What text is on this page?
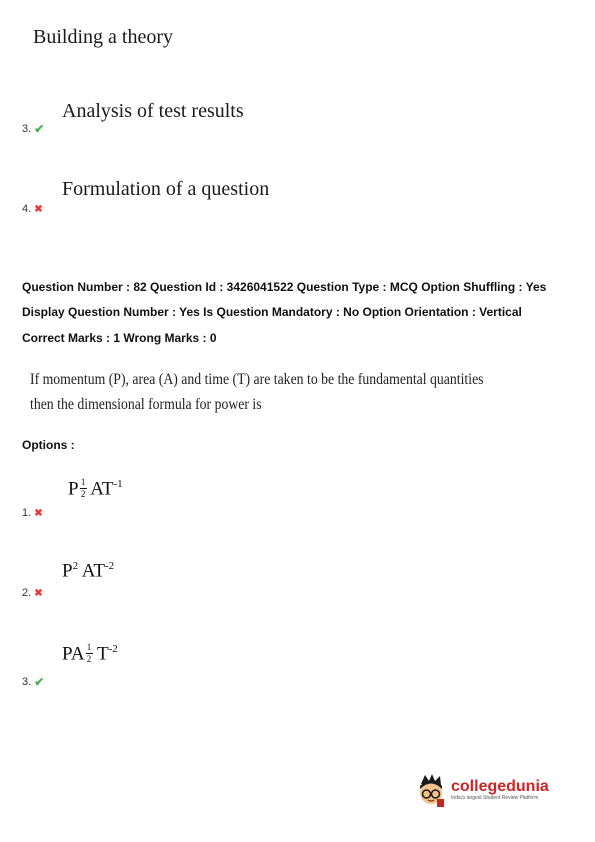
Building a theory
3. ✔
Analysis of test results
4. ✖
Formulation of a question
Question Number : 82 Question Id : 3426041522 Question Type : MCQ Option Shuffling : Yes
Display Question Number : Yes Is Question Mandatory : No Option Orientation : Vertical
Correct Marks : 1 Wrong Marks : 0
If momentum (P), area (A) and time (T) are taken to be the fundamental quantities
then the dimensional formula for power is
Options :
P $\frac{1}{2} AT^{-1}$
1. ✖
$P^2$ $AT^{-2}$
2. ✖
PA $\frac{1}{2} T^{-2}$
3. ✔
collegedunia
India's largest Student Review Platform
